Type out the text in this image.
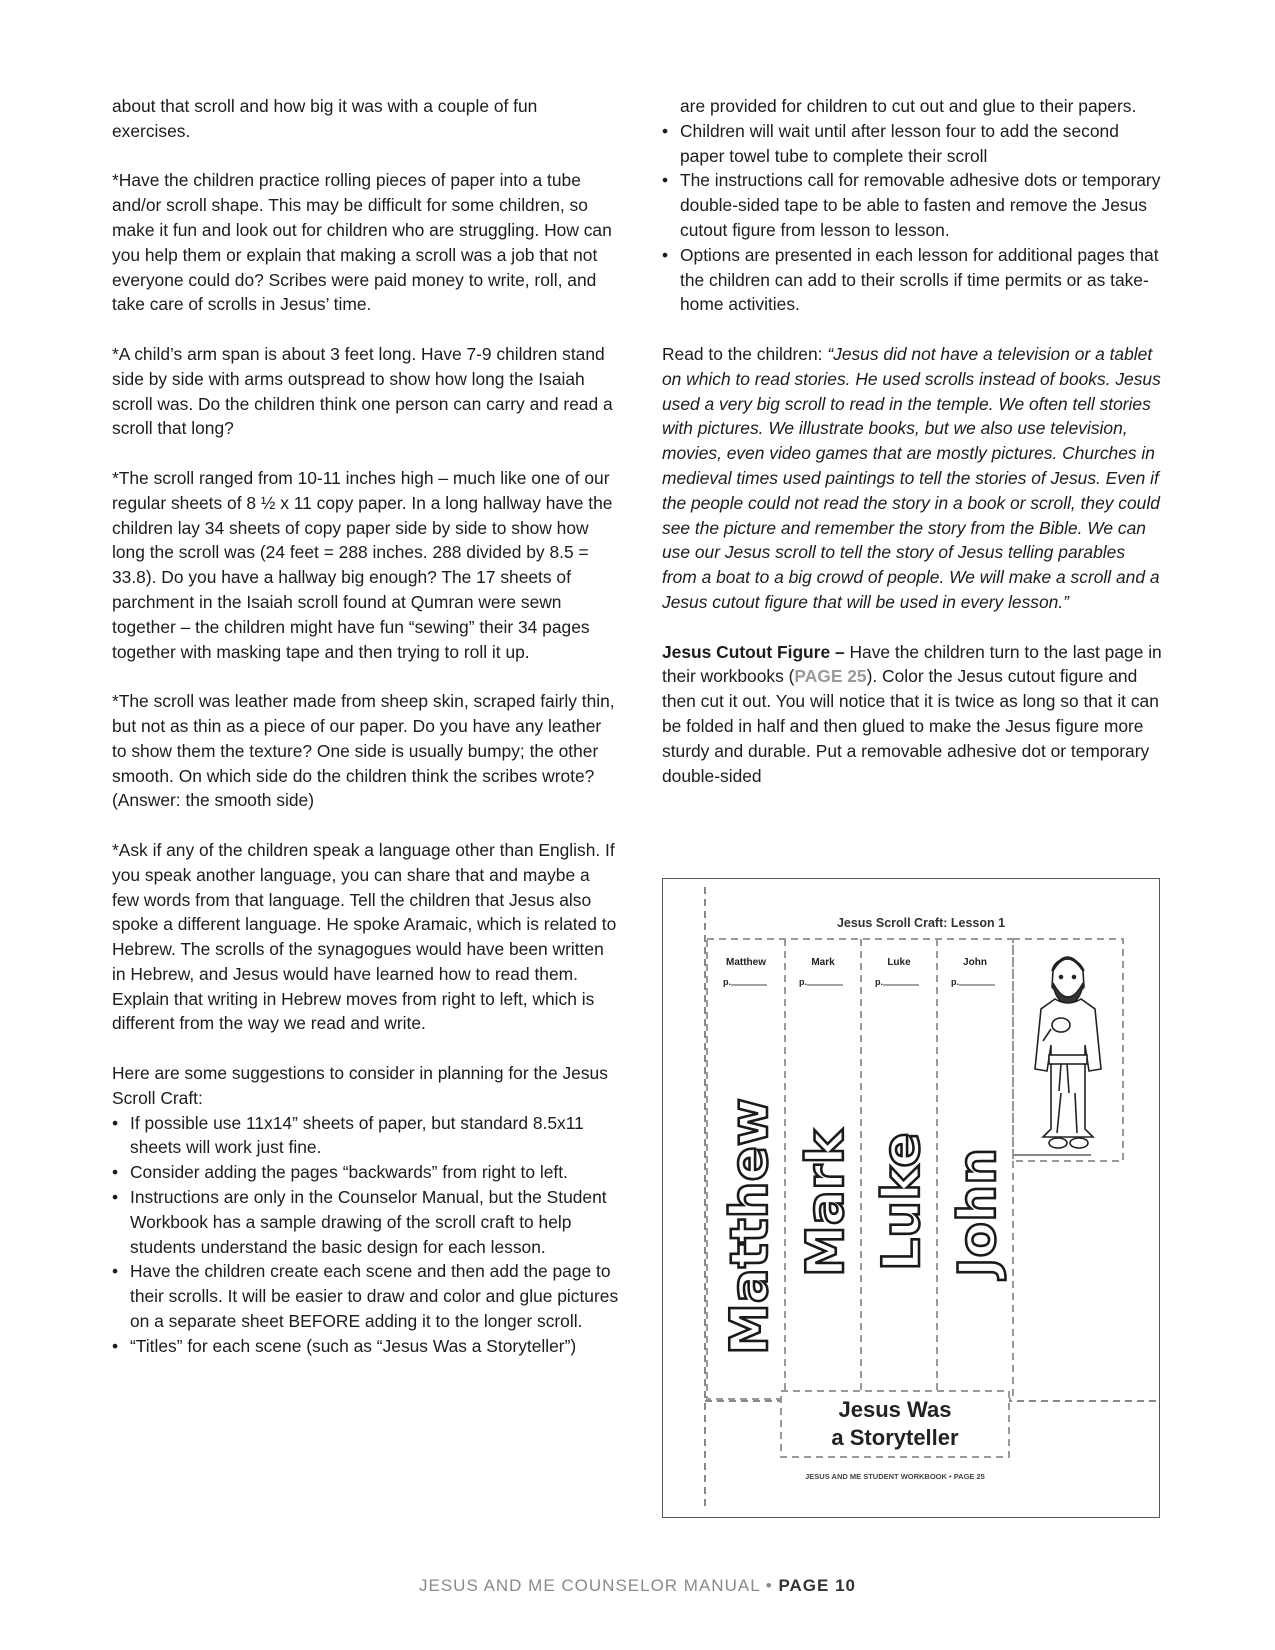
about that scroll and how big it was with a couple of fun exercises.

*Have the children practice rolling pieces of paper into a tube and/or scroll shape. This may be difficult for some children, so make it fun and look out for children who are struggling. How can you help them or explain that making a scroll was a job that not everyone could do? Scribes were paid money to write, roll, and take care of scrolls in Jesus’ time.

*A child’s arm span is about 3 feet long. Have 7-9 children stand side by side with arms outspread to show how long the Isaiah scroll was. Do the children think one person can carry and read a scroll that long?

*The scroll ranged from 10-11 inches high – much like one of our regular sheets of 8 ½ x 11 copy paper. In a long hallway have the children lay 34 sheets of copy paper side by side to show how long the scroll was (24 feet = 288 inches. 288 divided by 8.5 = 33.8). Do you have a hallway big enough? The 17 sheets of parchment in the Isaiah scroll found at Qumran were sewn together – the children might have fun “sewing” their 34 pages together with masking tape and then trying to roll it up.

*The scroll was leather made from sheep skin, scraped fairly thin, but not as thin as a piece of our paper. Do you have any leather to show them the texture? One side is usually bumpy; the other smooth. On which side do the children think the scribes wrote? (Answer: the smooth side)

*Ask if any of the children speak a language other than English. If you speak another language, you can share that and maybe a few words from that language. Tell the children that Jesus also spoke a different language. He spoke Aramaic, which is related to Hebrew. The scrolls of the synagogues would have been written in Hebrew, and Jesus would have learned how to read them. Explain that writing in Hebrew moves from right to left, which is different from the way we read and write.

Here are some suggestions to consider in planning for the Jesus Scroll Craft:

• If possible use 11x14” sheets of paper, but standard 8.5x11 sheets will work just fine.
• Consider adding the pages “backwards” from right to left.
• Instructions are only in the Counselor Manual, but the Student Workbook has a sample drawing of the scroll craft to help students understand the basic design for each lesson.
• Have the children create each scene and then add the page to their scrolls. It will be easier to draw and color and glue pictures on a separate sheet BEFORE adding it to the longer scroll.
• “Titles” for each scene (such as “Jesus Was a Storyteller”)

are provided for children to cut out and glue to their papers.

• Children will wait until after lesson four to add the second paper towel tube to complete their scroll
• The instructions call for removable adhesive dots or temporary double-sided tape to be able to fasten and remove the Jesus cutout figure from lesson to lesson.
• Options are presented in each lesson for additional pages that the children can add to their scrolls if time permits or as take-home activities.

Read to the children: “Jesus did not have a television or a tablet on which to read stories. He used scrolls instead of books. Jesus used a very big scroll to read in the temple. We often tell stories with pictures. We illustrate books, but we also use television, movies, even video games that are mostly pictures. Churches in medieval times used paintings to tell the stories of Jesus. Even if the people could not read the story in a book or scroll, they could see the picture and remember the story from the Bible. We can use our Jesus scroll to tell the story of Jesus telling parables from a boat to a big crowd of people. We will make a scroll and a Jesus cutout figure that will be used in every lesson.”

Jesus Cutout Figure – Have the children turn to the last page in their workbooks (PAGE 25). Color the Jesus cutout figure and then cut it out. You will notice that it is twice as long so that it can be folded in half and then glued to make the Jesus figure more sturdy and durable. Put a removable adhesive dot or temporary double-sided

Jesus Scroll Craft: Lesson 1
Matthew	Mark	Luke	John
p.	p.	p.	p.
Matthew Mark Luke John
Jesus Was
a Storyteller
JESUS AND ME STUDENT WORKBOOK • PAGE 25
JESUS AND ME COUNSELOR MANUAL • PAGE 10
